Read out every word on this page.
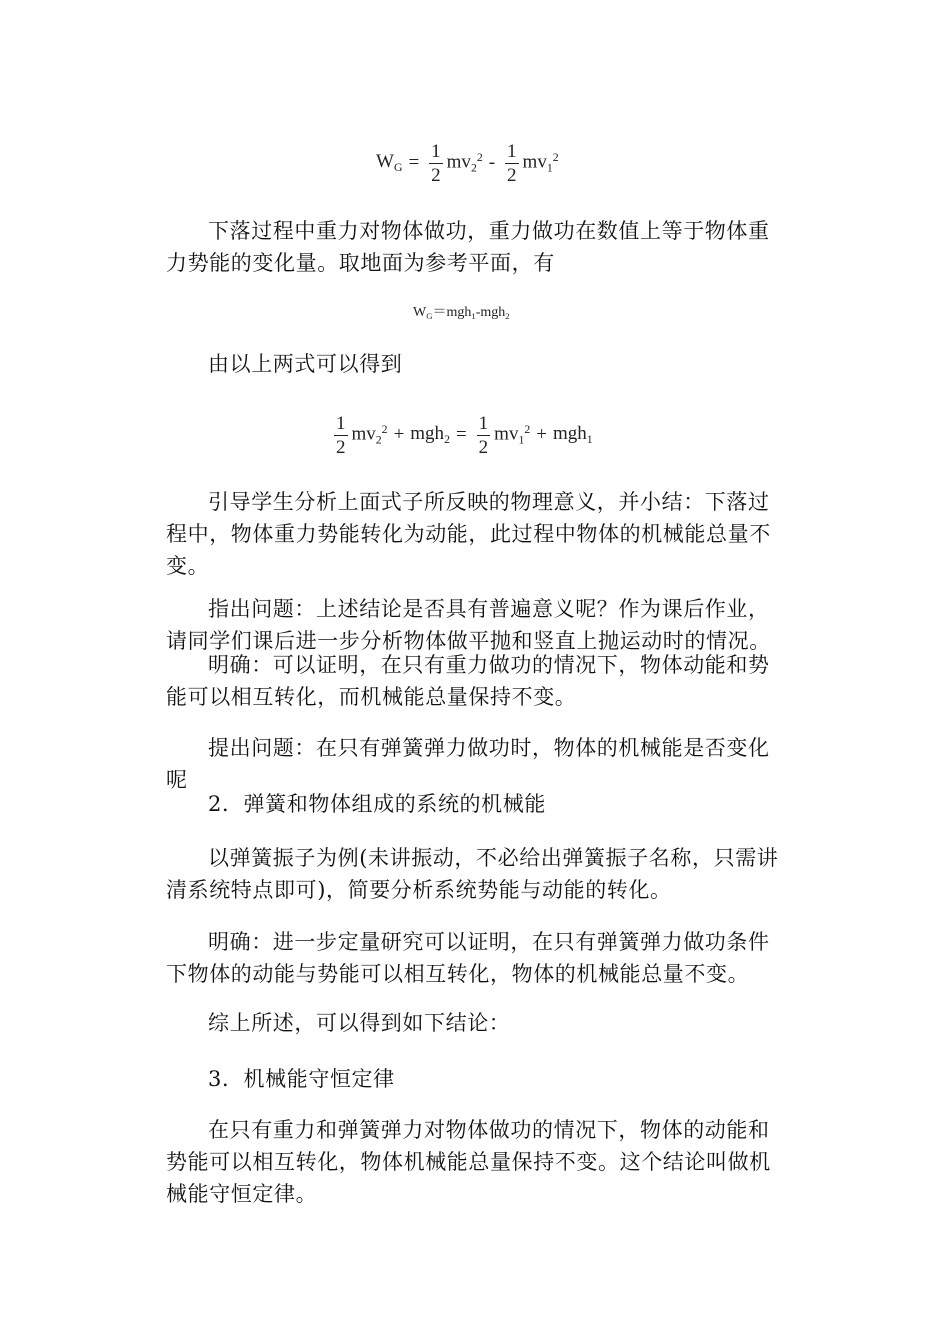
$W_G = \frac{1}{2} mv_2^2 - \frac{1}{2} mv_1^2$

下落过程中重力对物体做功，重力做功在数值上等于物体重力势能的变化量。取地面为参考平面，有

$W_G=mgh_1-mgh_2$

由以上两式可以得到

$\frac{1}{2} mv_2^2 + mgh_2 = \frac{1}{2} mv_1^2 + mgh_1$

引导学生分析上面式子所反映的物理意义，并小结：下落过程中，物体重力势能转化为动能，此过程中物体的机械能总量不变。

指出问题：上述结论是否具有普遍意义呢？作为课后作业，请同学们课后进一步分析物体做平抛和竖直上抛运动时的情况。

明确：可以证明，在只有重力做功的情况下，物体动能和势能可以相互转化，而机械能总量保持不变。

提出问题：在只有弹簧弹力做功时，物体的机械能是否变化呢

2．弹簧和物体组成的系统的机械能

以弹簧振子为例(未讲振动，不必给出弹簧振子名称，只需讲清系统特点即可)，简要分析系统势能与动能的转化。

明确：进一步定量研究可以证明，在只有弹簧弹力做功条件下物体的动能与势能可以相互转化，物体的机械能总量不变。

综上所述，可以得到如下结论：

3．机械能守恒定律

在只有重力和弹簧弹力对物体做功的情况下，物体的动能和势能可以相互转化，物体机械能总量保持不变。这个结论叫做机械能守恒定律。
